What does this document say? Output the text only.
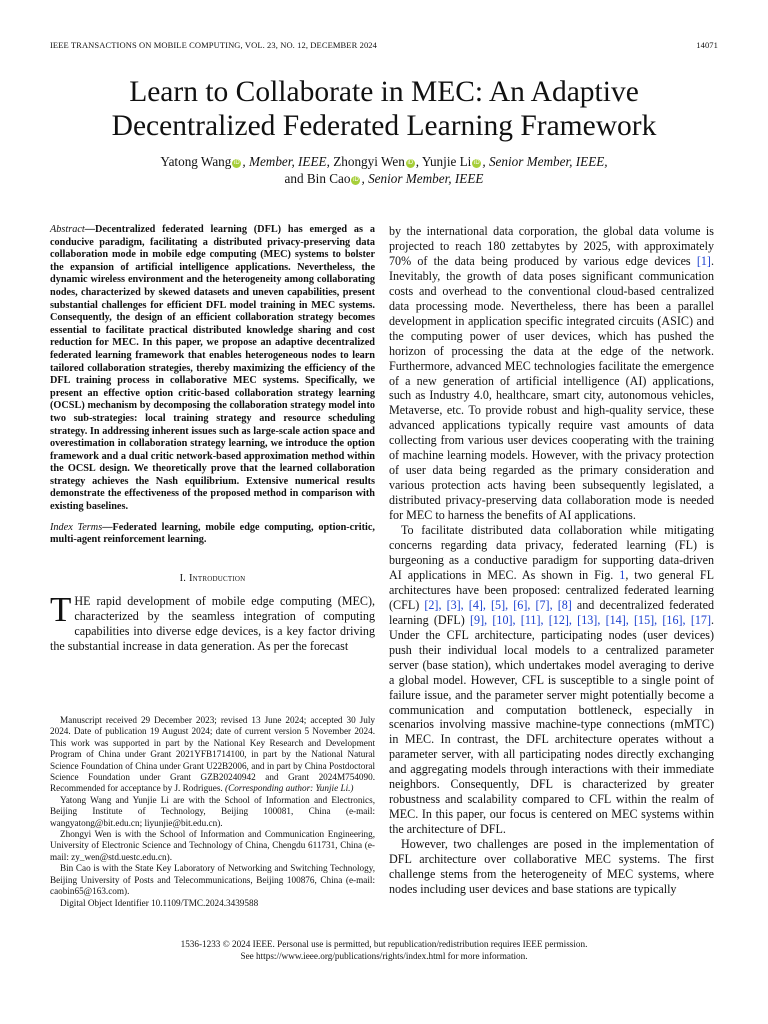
IEEE TRANSACTIONS ON MOBILE COMPUTING, VOL. 23, NO. 12, DECEMBER 2024	14071
Learn to Collaborate in MEC: An Adaptive
Decentralized Federated Learning Framework
Yatong Wang iD , Member, IEEE, Zhongyi Wen iD , Yunjie Li iD , Senior Member, IEEE,
and Bin Cao iD , Senior Member, IEEE
Abstract—Decentralized federated learning (DFL) has emerged as a conducive paradigm, facilitating a distributed privacy-preserving data collaboration mode in mobile edge computing (MEC) systems to bolster the expansion of artificial intelligence applications. Nevertheless, the dynamic wireless environment and the heterogeneity among collaborating nodes, characterized by skewed datasets and uneven capabilities, present substantial challenges for efficient DFL model training in MEC systems. Consequently, the design of an efficient collaboration strategy becomes essential to facilitate practical distributed knowledge sharing and cost reduction for MEC. In this paper, we propose an adaptive decentralized federated learning framework that enables heterogeneous nodes to learn tailored collaboration strategies, thereby maximizing the efficiency of the DFL training process in collaborative MEC systems. Specifically, we present an effective option critic-based collaboration strategy learning (OCSL) mechanism by decomposing the collaboration strategy model into two sub-strategies: local training strategy and resource scheduling strategy. In addressing inherent issues such as large-scale action space and overestimation in collaboration strategy learning, we introduce the option framework and a dual critic network-based approximation method within the OCSL design. We theoretically prove that the learned collaboration strategy achieves the Nash equilibrium. Extensive numerical results demonstrate the effectiveness of the proposed method in comparison with existing baselines.
Index Terms—Federated learning, mobile edge computing, option-critic, multi-agent reinforcement learning.
I. Introduction
THE rapid development of mobile edge computing (MEC), characterized by the seamless integration of computing capabilities into diverse edge devices, is a key factor driving the substantial increase in data generation. As per the forecast

Manuscript received 29 December 2023; revised 13 June 2024; accepted 30 July 2024. Date of publication 19 August 2024; date of current version 5 November 2024. This work was supported in part by the National Key Research and Development Program of China under Grant 2021YFB1714100, in part by the National Natural Science Foundation of China under Grant U22B2006, and in part by China Postdoctoral Science Foundation under Grant GZB20240942 and Grant 2024M754090. Recommended for acceptance by J. Rodrigues. (Corresponding author: Yunjie Li.)

Yatong Wang and Yunjie Li are with the School of Information and Electronics, Beijing Institute of Technology, Beijing 100081, China (e-mail: wangyatong@bit.edu.cn; liyunjie@bit.edu.cn).

Zhongyi Wen is with the School of Information and Communication Engineering, University of Electronic Science and Technology of China, Chengdu 611731, China (e-mail: zy_wen@std.uestc.edu.cn).

Bin Cao is with the State Key Laboratory of Networking and Switching Technology, Beijing University of Posts and Telecommunications, Beijing 100876, China (e-mail: caobin65@163.com).

Digital Object Identifier 10.1109/TMC.2024.3439588

by the international data corporation, the global data volume is projected to reach 180 zettabytes by 2025, with approximately 70% of the data being produced by various edge devices [1]. Inevitably, the growth of data poses significant communication costs and overhead to the conventional cloud-based centralized data processing mode. Nevertheless, there has been a parallel development in application specific integrated circuits (ASIC) and the computing power of user devices, which has pushed the horizon of processing the data at the edge of the network. Furthermore, advanced MEC technologies facilitate the emergence of a new generation of artificial intelligence (AI) applications, such as Industry 4.0, healthcare, smart city, autonomous vehicles, Metaverse, etc. To provide robust and high-quality service, these advanced applications typically require vast amounts of data collecting from various user devices cooperating with the training of machine learning models. However, with the privacy protection of user data being regarded as the primary consideration and various protection acts having been subsequently legislated, a distributed privacy-preserving data collaboration mode is needed for MEC to harness the benefits of AI applications.

To facilitate distributed data collaboration while mitigating concerns regarding data privacy, federated learning (FL) is burgeoning as a conductive paradigm for supporting data-driven AI applications in MEC. As shown in Fig. 1, two general FL architectures have been proposed: centralized federated learning (CFL) [2], [3], [4], [5], [6], [7], [8] and decentralized federated learning (DFL) [9], [10], [11], [12], [13], [14], [15], [16], [17]. Under the CFL architecture, participating nodes (user devices) push their individual local models to a centralized parameter server (base station), which undertakes model averaging to derive a global model. However, CFL is susceptible to a single point of failure issue, and the parameter server might potentially become a communication and computation bottleneck, especially in scenarios involving massive machine-type connections (mMTC) in MEC. In contrast, the DFL architecture operates without a parameter server, with all participating nodes directly exchanging and aggregating models through interactions with their immediate neighbors. Consequently, DFL is characterized by greater robustness and scalability compared to CFL within the realm of MEC. In this paper, our focus is centered on MEC systems within the architecture of DFL.

However, two challenges are posed in the implementation of DFL architecture over collaborative MEC systems. The first challenge stems from the heterogeneity of MEC systems, where nodes including user devices and base stations are typically

1536-1233 © 2024 IEEE. Personal use is permitted, but republication/redistribution requires IEEE permission.
See https://www.ieee.org/publications/rights/index.html for more information.
